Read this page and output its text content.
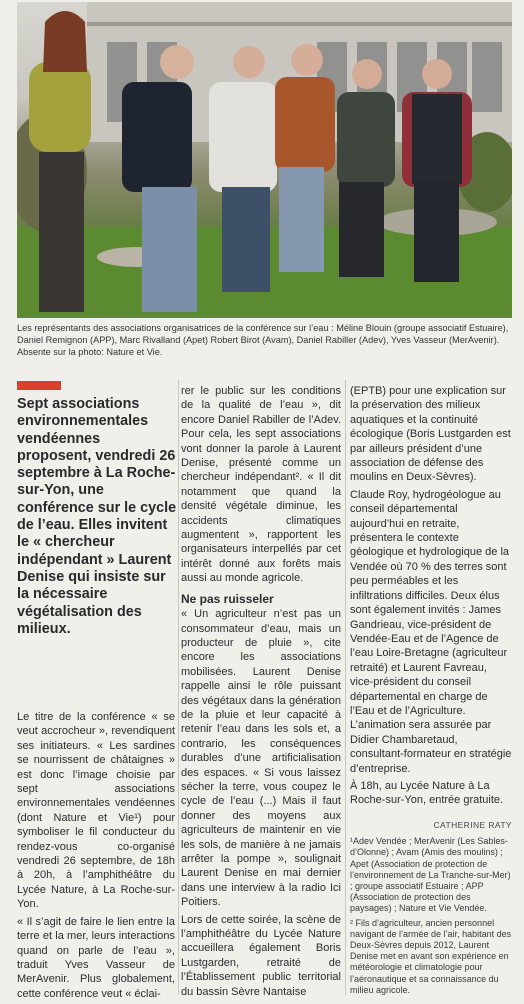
Les représentants des associations organisatrices de la conférence sur l’eau : Méline Blouin (groupe associatif Estuaire), Daniel Remignon (APP), Marc Rivalland (Apet) Robert Birot (Avam), Daniel Rabiller (Adev), Yves Vasseur (MerAvenir). Absente sur la photo: Nature et Vie.
Sept associations environnementales vendéennes proposent, vendredi 26 septembre à La Roche-sur-Yon, une conférence sur le cycle de l’eau. Elles invitent le « chercheur indépendant » Laurent Denise qui insiste sur la nécessaire végétalisation des milieux.

Le titre de la conférence « se veut accrocheur », revendiquent ses initiateurs. « Les sardines se nourrissent de châtaignes » est donc l’image choisie par sept associations environnementales vendéennes (dont Nature et Vie¹) pour symboliser le fil conducteur du rendez-vous co-organisé vendredi 26 septembre, de 18h à 20h, à l’amphithéâtre du Lycée Nature, à La Roche-sur-Yon.

« Il s’agit de faire le lien entre la terre et la mer, leurs interactions quand on parle de l’eau », traduit Yves Vasseur de MerAvenir. Plus globalement, cette conférence veut « éclai-

rer le public sur les conditions de la qualité de l’eau », dit encore Daniel Rabiller de l’Adev. Pour cela, les sept associations vont donner la parole à Laurent Denise, présenté comme un chercheur indépendant². « Il dit notamment que quand la densité végétale diminue, les accidents climatiques augmentent », rapportent les organisateurs interpellés par cet intérêt donné aux forêts mais aussi au monde agricole.

Ne pas ruisseler

« Un agriculteur n’est pas un consommateur d’eau, mais un producteur de pluie », cite encore les associations mobilisées. Laurent Denise rappelle ainsi le rôle puissant des végétaux dans la génération de la pluie et leur capacité à retenir l’eau dans les sols et, a contrario, les conséquences durables d’une artificialisation des espaces. « Si vous laissez sécher la terre, vous coupez le cycle de l’eau (...) Mais il faut donner des moyens aux agriculteurs de maintenir en vie les sols, de manière à ne jamais arrêter la pompe », soulignait Laurent Denise en mai dernier dans une interview à la radio Ici Poitiers.

Lors de cette soirée, la scène de l’amphithéâtre du Lycée Nature accueillera également Boris Lustgarden, retraité de l’Établissement public territorial du bassin Sèvre Nantaise

(EPTB) pour une explication sur la préservation des milieux aquatiques et la continuité écologique (Boris Lustgarden est par ailleurs président d’une association de défense des moulins en Deux-Sèvres).

Claude Roy, hydrogéologue au conseil départemental aujourd’hui en retraite, présentera le contexte géologique et hydrologique de la Vendée où 70 % des terres sont peu perméables et les infiltrations difficiles. Deux élus sont également invités : James Gandrieau, vice-président de Vendée-Eau et de l’Agence de l’eau Loire-Bretagne (agriculteur retraité) et Laurent Favreau, vice-président du conseil départemental en charge de l’Eau et de l’Agriculture. L’animation sera assurée par Didier Chambaretaud, consultant-formateur en stratégie d’entreprise.

À 18h, au Lycée Nature à La Roche-sur-Yon, entrée gratuite.

CATHERINE RATY

¹Adev Vendée ; MerAvenir (Les Sables-d’Olonne) ; Avam (Amis des moulins) ; Apet (Association de protection de l’environnement de La Tranche-sur-Mer) ; groupe associatif Estuaire ; APP (Association de protection des paysages) ; Nature et Vie Vendée.

² Fils d’agriculteur, ancien personnel navigant de l’armée de l’air, habitant des Deux-Sèvres depuis 2012, Laurent Denise met en avant son expérience en météorologie et climatologie pour l’aéronautique et sa connaissance du milieu agricole.
